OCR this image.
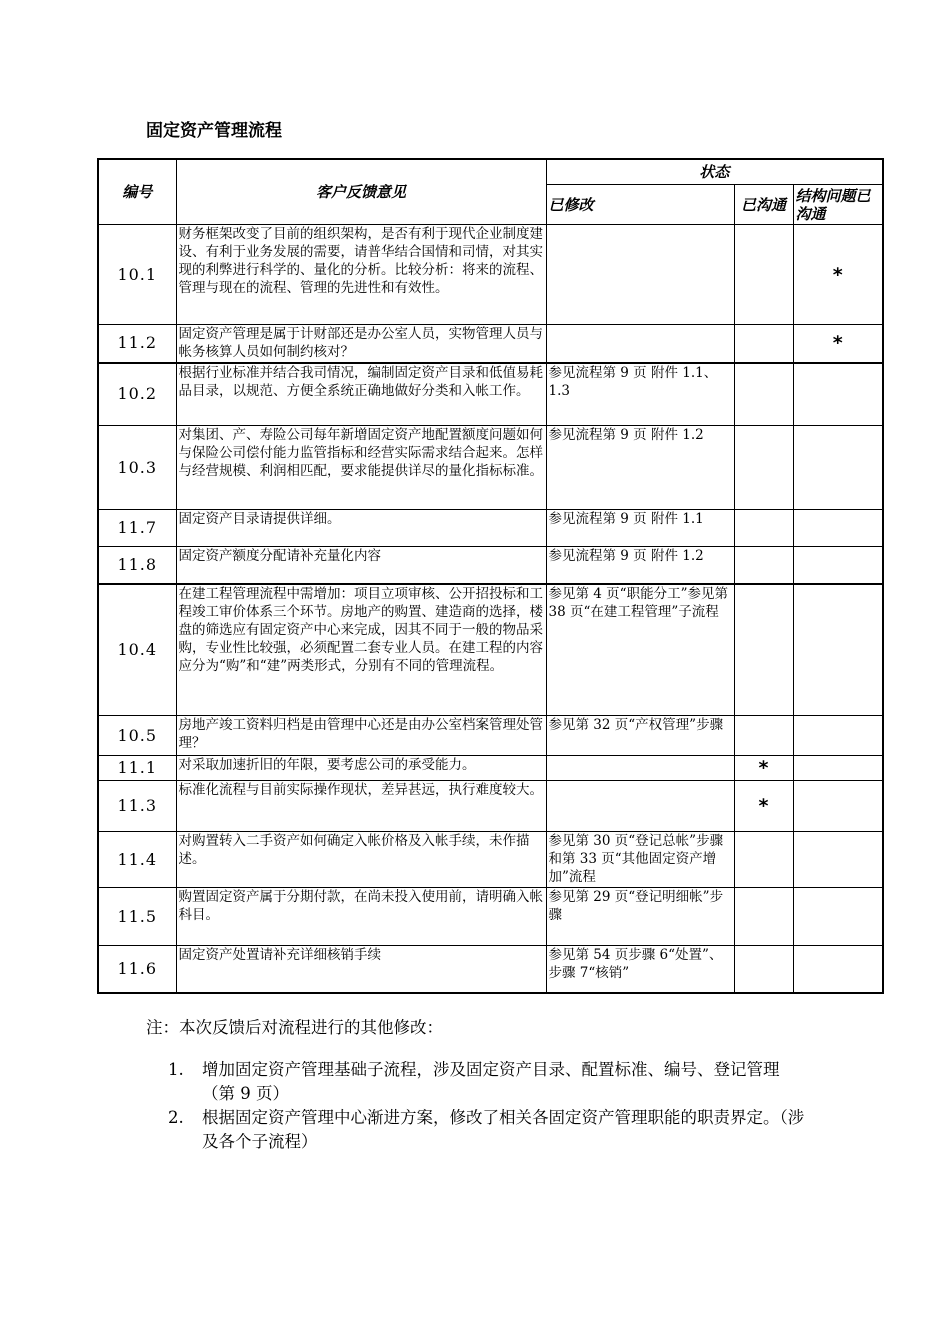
固定资产管理流程
编号	客户反馈意见	状态		
		已修改	已沟通	结构问题已沟通
10.1	财务框架改变了目前的组织架构，是否有利于现代企业制度建设、有利于业务发展的需要，请普华结合国情和司情，对其实现的利弊进行科学的、量化的分析。比较分析：将来的流程、管理与现在的流程、管理的先进性和有效性。			*
11.2	固定资产管理是属于计财部还是办公室人员，实物管理人员与帐务核算人员如何制约核对？			*
10.2	根据行业标准并结合我司情况，编制固定资产目录和低值易耗品目录，以规范、方便全系统正确地做好分类和入帐工作。	参见流程第 9 页 附件 1.1、1.3		
10.3	对集团、产、寿险公司每年新增固定资产地配置额度问题如何与保险公司偿付能力监管指标和经营实际需求结合起来。怎样与经营规模、利润相匹配，要求能提供详尽的量化指标标准。	参见流程第 9 页 附件 1.2		
11.7	固定资产目录请提供详细。	参见流程第 9 页 附件 1.1		
11.8	固定资产额度分配请补充量化内容	参见流程第 9 页 附件 1.2		
10.4	在建工程管理流程中需增加：项目立项审核、公开招投标和工程竣工审价体系三个环节。房地产的购置、建造商的选择，楼盘的筛选应有固定资产中心来完成，因其不同于一般的物品采购，专业性比较强，必须配置二套专业人员。在建工程的内容应分为“购”和“建”两类形式，分别有不同的管理流程。	参见第 4 页“职能分工”参见第 38 页“在建工程管理”子流程		
10.5	房地产竣工资料归档是由管理中心还是由办公室档案管理处管理？	参见第 32 页“产权管理”步骤		
11.1	对采取加速折旧的年限，要考虑公司的承受能力。		*	
11.3	标准化流程与目前实际操作现状，差异甚远，执行难度较大。		*	
11.4	对购置转入二手资产如何确定入帐价格及入帐手续，未作描述。	参见第 30 页“登记总帐”步骤和第 33 页“其他固定资产增加”流程		
11.5	购置固定资产属于分期付款，在尚未投入使用前，请明确入帐科目。	参见第 29 页“登记明细帐”步骤		
11.6	固定资产处置请补充详细核销手续	参见第 54 页步骤 6“处置”、步骤 7“核销”		
注：本次反馈后对流程进行的其他修改：
1. 增加固定资产管理基础子流程，涉及固定资产目录、配置标准、编号、登记管理（第 9 页）
2. 根据固定资产管理中心渐进方案，修改了相关各固定资产管理职能的职责界定。（涉及各个子流程）
